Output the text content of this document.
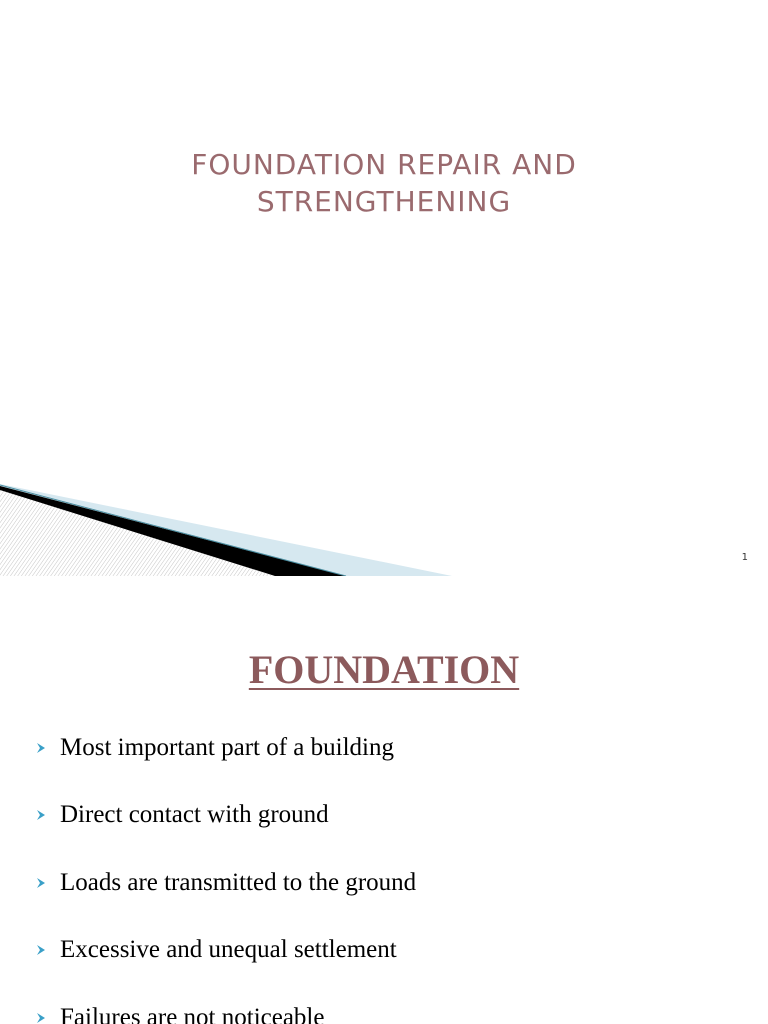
FOUNDATION REPAIR AND
STRENGTHENING
1
FOUNDATION
Most important part of a building
Direct contact with ground
Loads are transmitted to the ground
Excessive and unequal settlement
Failures are not noticeable
